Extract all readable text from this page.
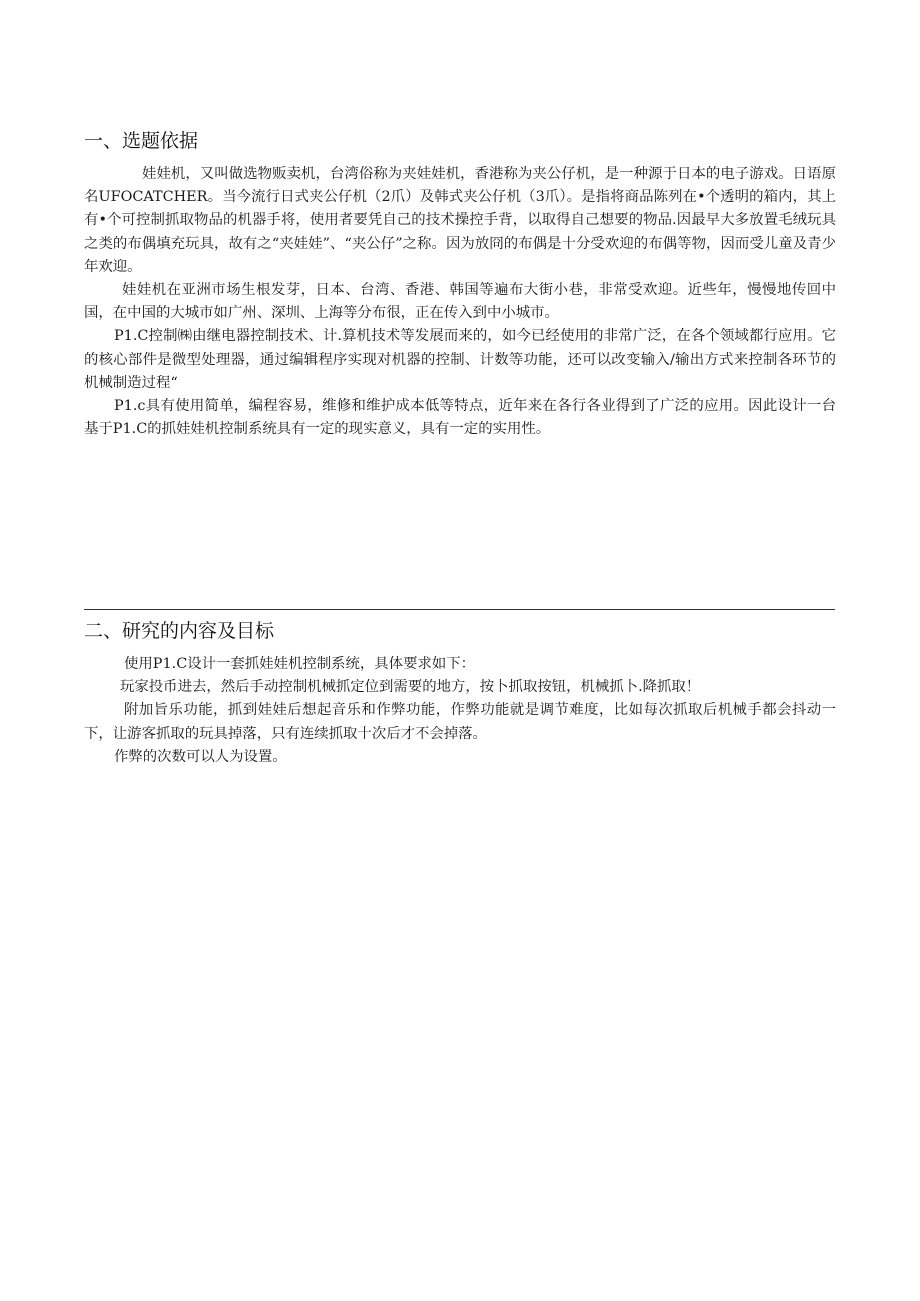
一、选题依据

娃娃机，又叫做选物贩卖机，台湾俗称为夹娃娃机，香港称为夹公仔机，是一种源于日本的电子游戏。日语原名UFOCATCHER。当今流行日式夹公仔机（2爪）及韩式夹公仔机（3爪）。是指将商品陈列在•个透明的箱内，其上有•个可控制抓取物品的机器手将，使用者要凭自己的技术操控手背，以取得自己想要的物品.因最早大多放置毛绒玩具之类的布偶填充玩具，故有之“夹娃娃”、“夹公仔”之称。因为放冏的布偶是十分受欢迎的布偶等物，因而受儿童及青少年欢迎。

娃娃机在亚洲市场生根发芽，日本、台湾、香港、韩国等遍布大街小巷，非常受欢迎。近些年，慢慢地传回中国，在中国的大城市如广州、深圳、上海等分布很，正在传入到中小城市。

P1.C控制㈱由继电器控制技术、计.算机技术等发展而来的，如今已经使用的非常广泛，在各个领域都行应用。它的核心部件是微型处理器，通过编辑程序实现对机器的控制、计数等功能，还可以改变输入/输出方式来控制各环节的机械制造过程“

P1.c具有使用简单，编程容易，维修和维护成本低等特点，近年来在各行各业得到了广泛的应用。因此设计一台基于P1.C的抓娃娃机控制系统具有一定的现实意义，具有一定的实用性。

二、研究的内容及目标

使用P1.C设计一套抓娃娃机控制系统，具体要求如下：

玩家投币进去，然后手动控制机械抓定位到需要的地方，按卜抓取按钮，机械抓卜.降抓取！

附加旨乐功能，抓到娃娃后想起音乐和作弊功能，作弊功能就是调节难度，比如每次抓取后机械手都会抖动一下，让游客抓取的玩具掉落，只有连续抓取十次后才不会掉落。

作弊的次数可以人为设置。
